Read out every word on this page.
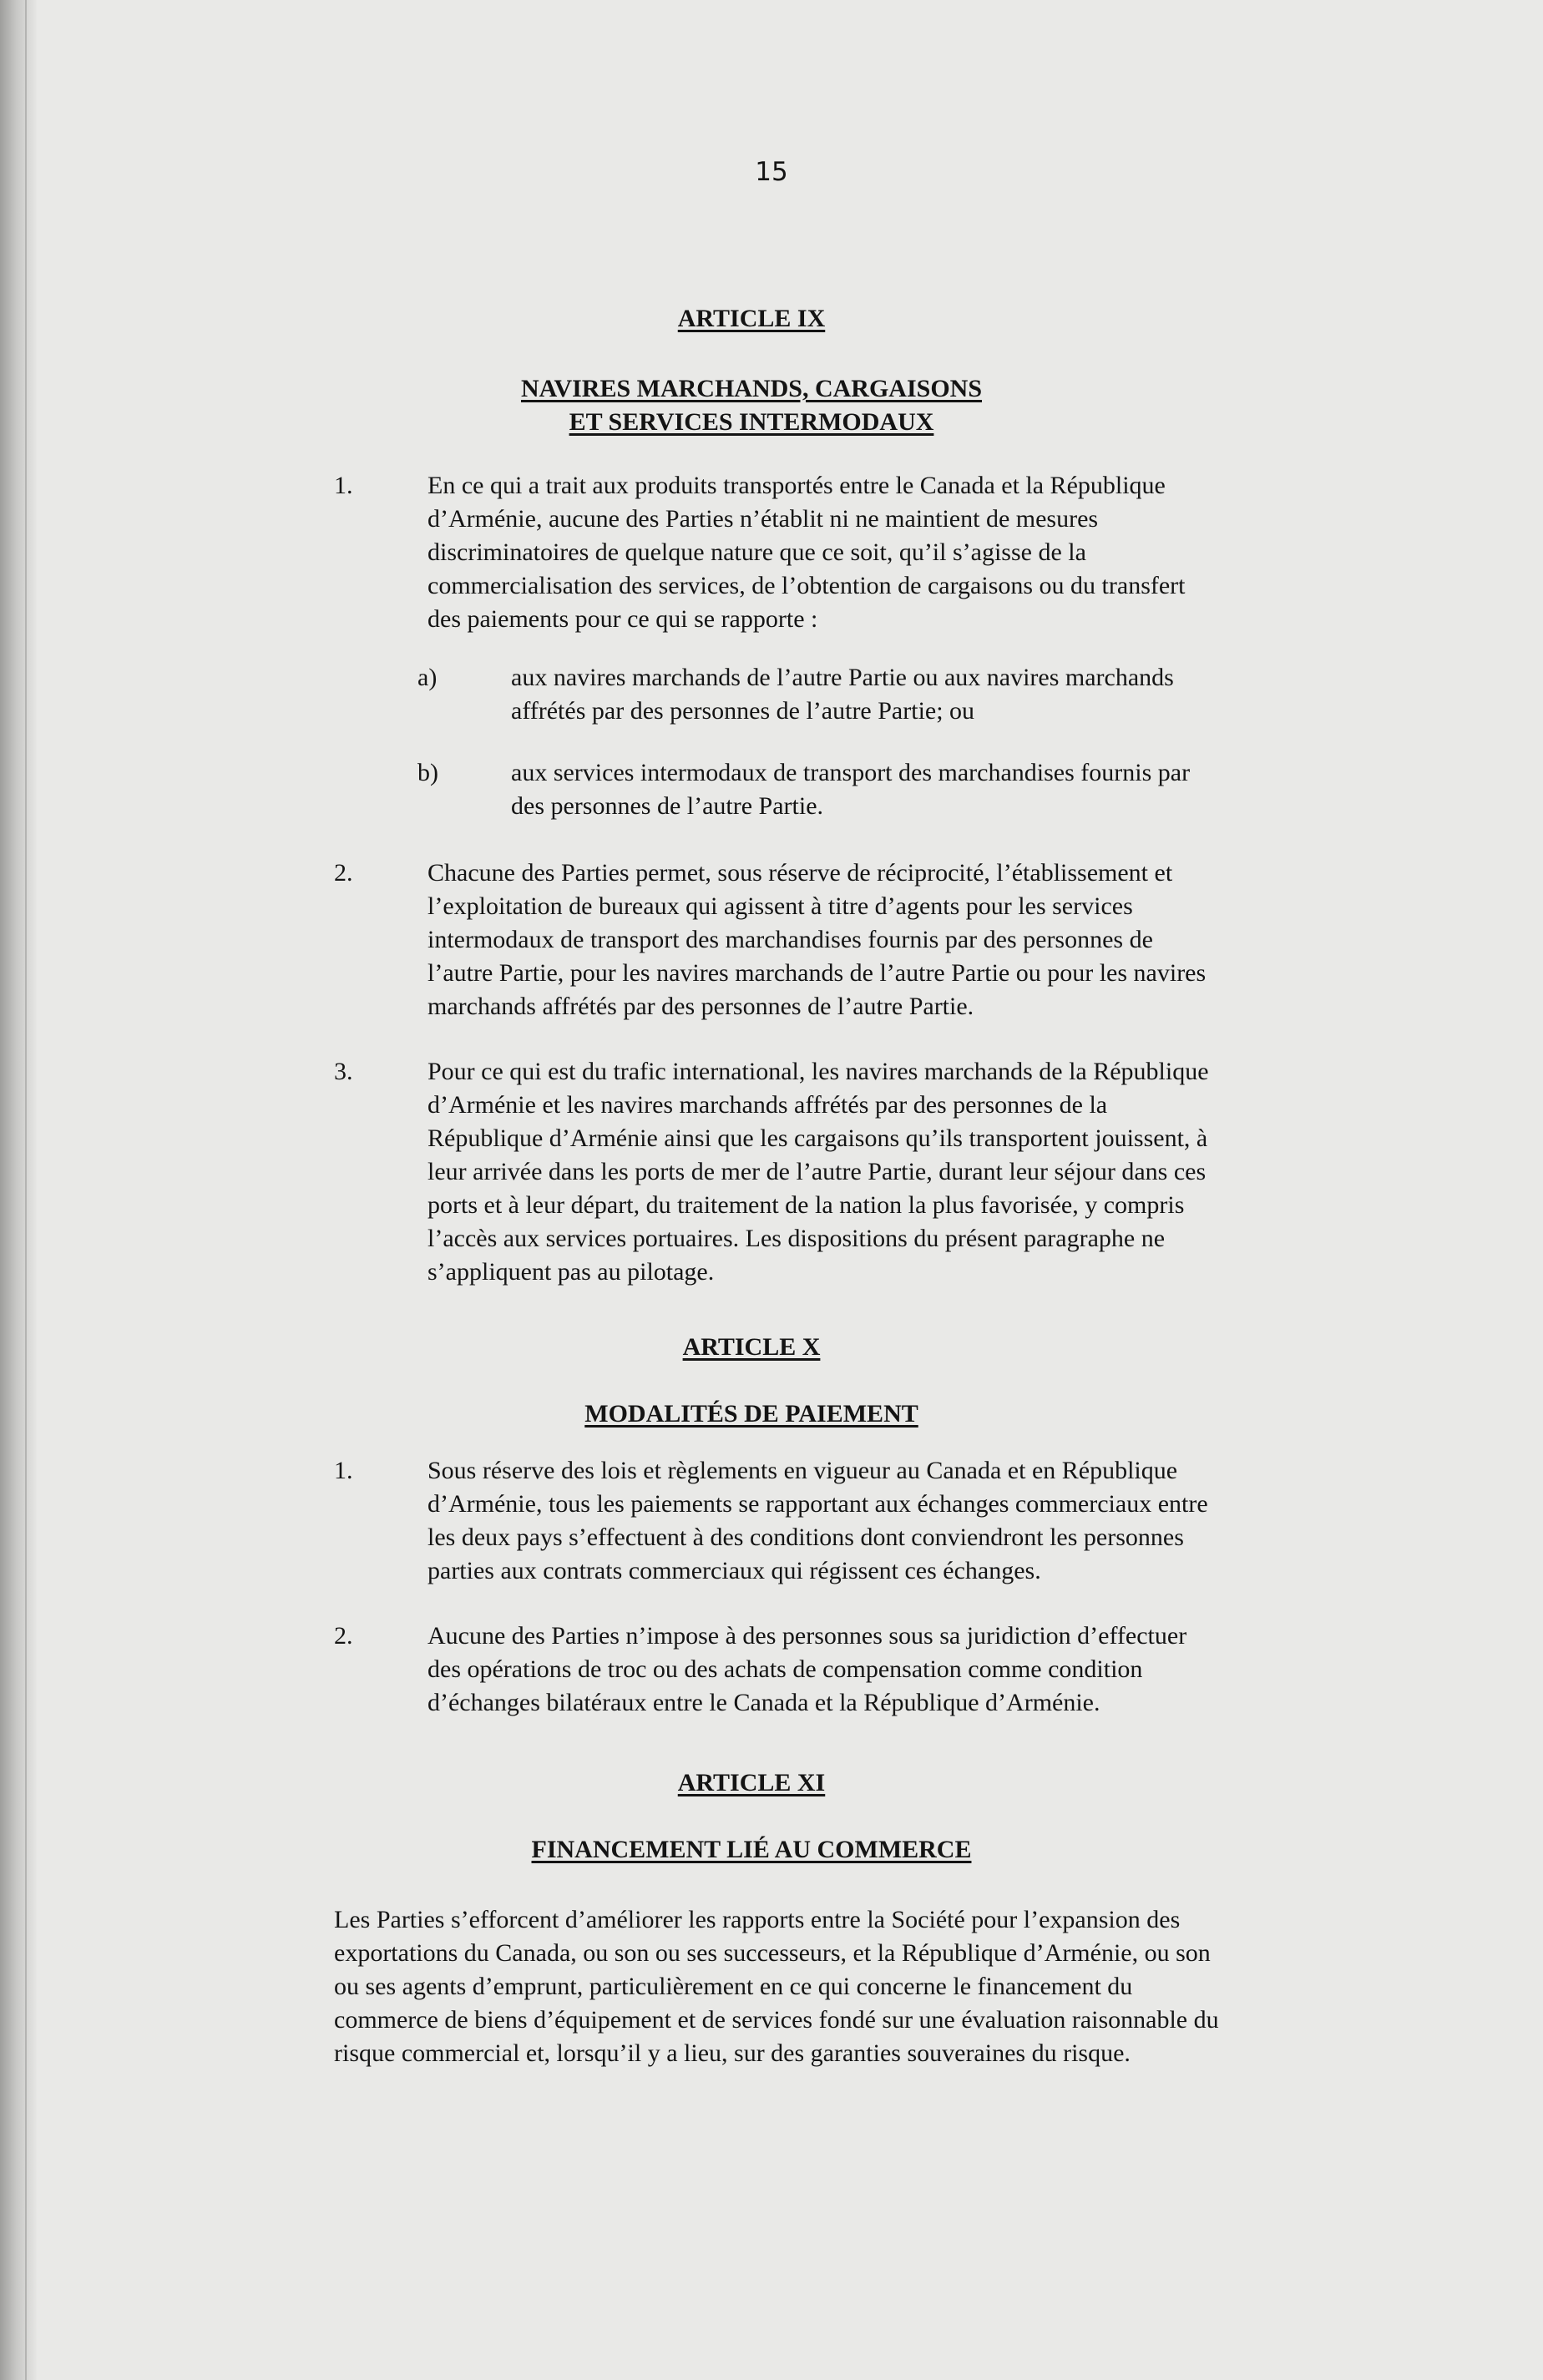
15
ARTICLE IX
NAVIRES MARCHANDS, CARGAISONS
ET SERVICES INTERMODAUX
1.	En ce qui a trait aux produits transportés entre le Canada et la République d’Arménie, aucune des Parties n’établit ni ne maintient de mesures discriminatoires de quelque nature que ce soit, qu’il s’agisse de la commercialisation des services, de l’obtention de cargaisons ou du transfert des paiements pour ce qui se rapporte :
a)	aux navires marchands de l’autre Partie ou aux navires marchands affrétés par des personnes de l’autre Partie; ou
b)	aux services intermodaux de transport des marchandises fournis par des personnes de l’autre Partie.
2.	Chacune des Parties permet, sous réserve de réciprocité, l’établissement et l’exploitation de bureaux qui agissent à titre d’agents pour les services intermodaux de transport des marchandises fournis par des personnes de l’autre Partie, pour les navires marchands de l’autre Partie ou pour les navires marchands affrétés par des personnes de l’autre Partie.
3.	Pour ce qui est du trafic international, les navires marchands de la République d’Arménie et les navires marchands affrétés par des personnes de la République d’Arménie ainsi que les cargaisons qu’ils transportent jouissent, à leur arrivée dans les ports de mer de l’autre Partie, durant leur séjour dans ces ports et à leur départ, du traitement de la nation la plus favorisée, y compris l’accès aux services portuaires. Les dispositions du présent paragraphe ne s’appliquent pas au pilotage.
ARTICLE X
MODALITÉS DE PAIEMENT
1.	Sous réserve des lois et règlements en vigueur au Canada et en République d’Arménie, tous les paiements se rapportant aux échanges commerciaux entre les deux pays s’effectuent à des conditions dont conviendront les personnes parties aux contrats commerciaux qui régissent ces échanges.
2.	Aucune des Parties n’impose à des personnes sous sa juridiction d’effectuer des opérations de troc ou des achats de compensation comme condition d’échanges bilatéraux entre le Canada et la République d’Arménie.
ARTICLE XI
FINANCEMENT LIÉ AU COMMERCE
Les Parties s’efforcent d’améliorer les rapports entre la Société pour l’expansion des exportations du Canada, ou son ou ses successeurs, et la République d’Arménie, ou son ou ses agents d’emprunt, particulièrement en ce qui concerne le financement du commerce de biens d’équipement et de services fondé sur une évaluation raisonnable du risque commercial et, lorsqu’il y a lieu, sur des garanties souveraines du risque.
